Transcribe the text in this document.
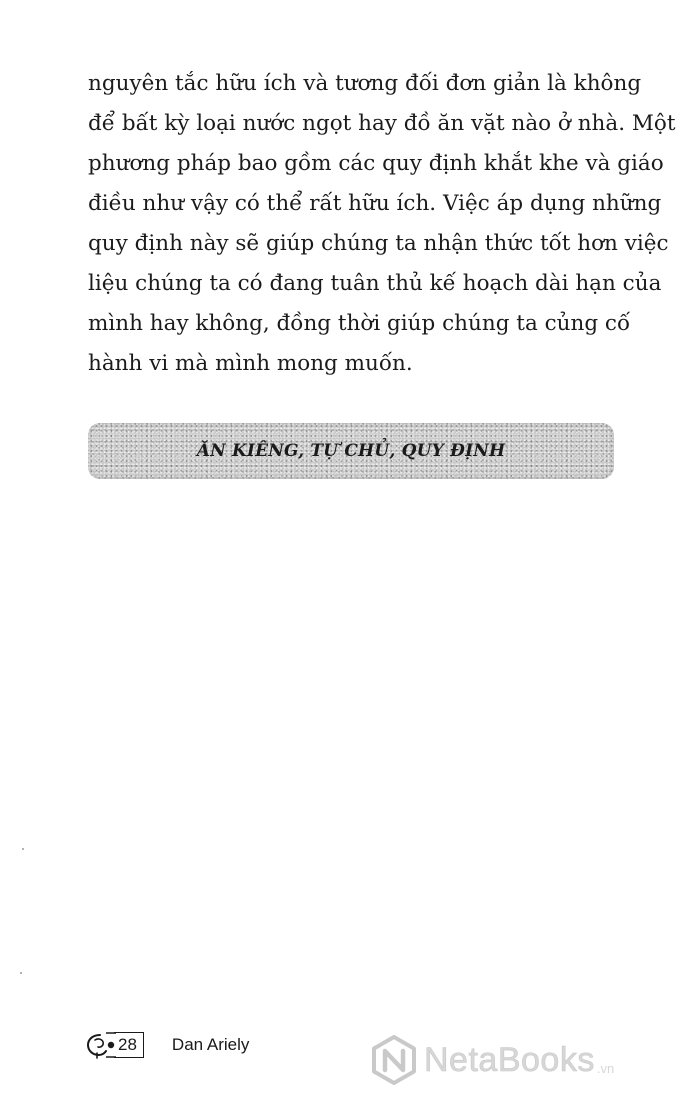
nguyên tắc hữu ích và tương đối đơn giản là không
để bất kỳ loại nước ngọt hay đồ ăn vặt nào ở nhà. Một
phương pháp bao gồm các quy định khắt khe và giáo
điều như vậy có thể rất hữu ích. Việc áp dụng những
quy định này sẽ giúp chúng ta nhận thức tốt hơn việc
liệu chúng ta có đang tuân thủ kế hoạch dài hạn của
mình hay không, đồng thời giúp chúng ta củng cố
hành vi mà mình mong muốn.
ĂN KIÊNG, TỰ CHỦ, QUY ĐỊNH
28	Dan Ariely	NetaBooks .vn
